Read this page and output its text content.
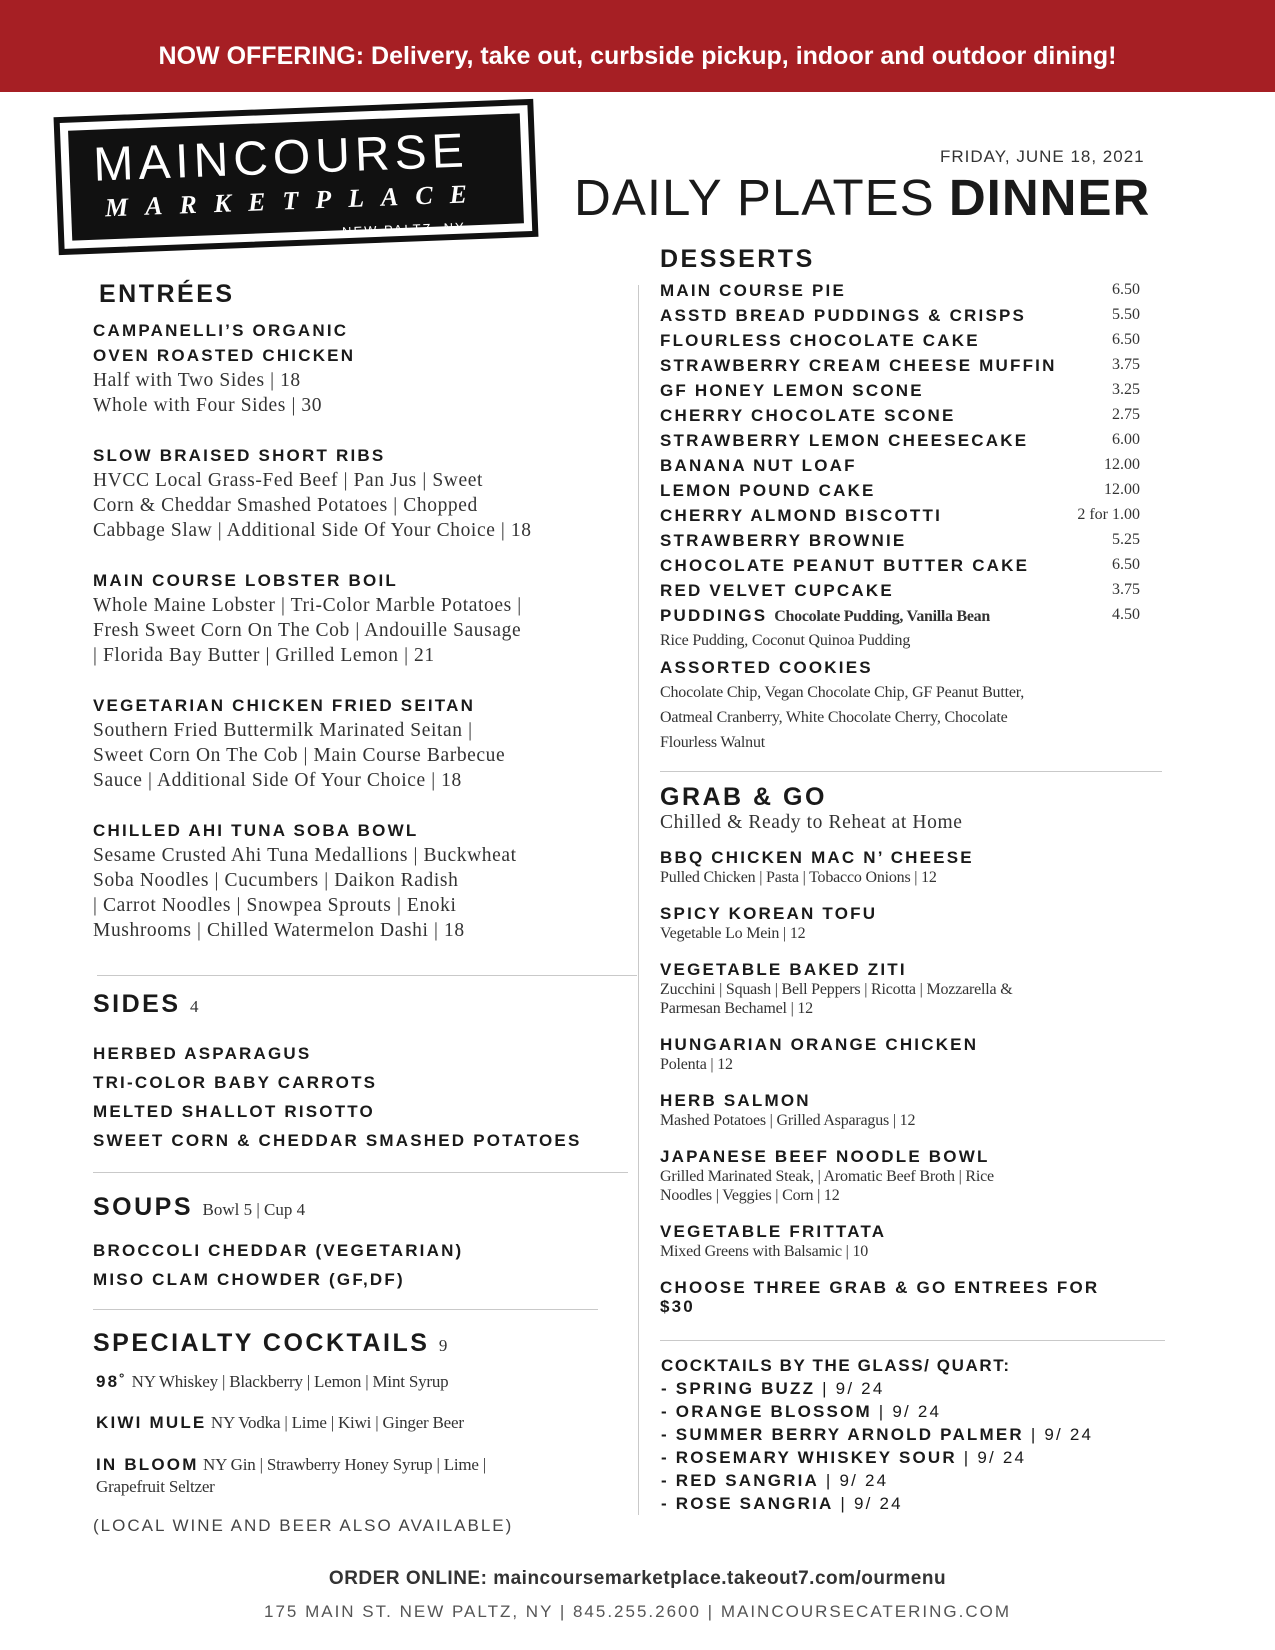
NOW OFFERING: Delivery, take out, curbside pickup, indoor and outdoor dining!
MAINCOURSE
MARKETPLACE
NEW PALTZ, NY
FRIDAY, JUNE 18, 2021
DAILY PLATES DINNER
ENTRÉES
CAMPANELLI’S ORGANIC
OVEN ROASTED CHICKEN
Half with Two Sides | 18
Whole with Four Sides | 30
SLOW BRAISED SHORT RIBS
HVCC Local Grass-Fed Beef | Pan Jus | Sweet
Corn & Cheddar Smashed Potatoes | Chopped
Cabbage Slaw | Additional Side Of Your Choice | 18
MAIN COURSE LOBSTER BOIL
Whole Maine Lobster | Tri-Color Marble Potatoes |
Fresh Sweet Corn On The Cob | Andouille Sausage
| Florida Bay Butter | Grilled Lemon | 21
VEGETARIAN CHICKEN FRIED SEITAN
Southern Fried Buttermilk Marinated Seitan |
Sweet Corn On The Cob | Main Course Barbecue
Sauce | Additional Side Of Your Choice | 18
CHILLED AHI TUNA SOBA BOWL
Sesame Crusted Ahi Tuna Medallions | Buckwheat
Soba Noodles | Cucumbers | Daikon Radish
| Carrot Noodles | Snowpea Sprouts | Enoki
Mushrooms | Chilled Watermelon Dashi | 18
SIDES 4
HERBED ASPARAGUS
TRI-COLOR BABY CARROTS
MELTED SHALLOT RISOTTO
SWEET CORN & CHEDDAR SMASHED POTATOES
SOUPS Bowl 5 | Cup 4
BROCCOLI CHEDDAR (VEGETARIAN)
MISO CLAM CHOWDER (GF,DF)
SPECIALTY COCKTAILS 9
98˚ NY Whiskey | Blackberry | Lemon | Mint Syrup
KIWI MULE NY Vodka | Lime | Kiwi | Ginger Beer
IN BLOOM NY Gin | Strawberry Honey Syrup | Lime |
Grapefruit Seltzer
(LOCAL WINE AND BEER ALSO AVAILABLE)
DESSERTS
MAIN COURSE PIE	6.50
ASSTD BREAD PUDDINGS & CRISPS	5.50
FLOURLESS CHOCOLATE CAKE	6.50
STRAWBERRY CREAM CHEESE MUFFIN	3.75
GF HONEY LEMON SCONE	3.25
CHERRY CHOCOLATE SCONE	2.75
STRAWBERRY LEMON CHEESECAKE	6.00
BANANA NUT LOAF	12.00
LEMON POUND CAKE	12.00
CHERRY ALMOND BISCOTTI	2 for 1.00
STRAWBERRY BROWNIE	5.25
CHOCOLATE PEANUT BUTTER CAKE	6.50
RED VELVET CUPCAKE	3.75
PUDDINGS Chocolate Pudding, Vanilla Bean	4.50
Rice Pudding, Coconut Quinoa Pudding
ASSORTED COOKIES
Chocolate Chip, Vegan Chocolate Chip, GF Peanut Butter,
Oatmeal Cranberry, White Chocolate Cherry, Chocolate
Flourless Walnut
GRAB & GO
Chilled & Ready to Reheat at Home
BBQ CHICKEN MAC N’ CHEESE
Pulled Chicken | Pasta | Tobacco Onions | 12
SPICY KOREAN TOFU
Vegetable Lo Mein | 12
VEGETABLE BAKED ZITI
Zucchini | Squash | Bell Peppers | Ricotta | Mozzarella &
Parmesan Bechamel | 12
HUNGARIAN ORANGE CHICKEN
Polenta | 12
HERB SALMON
Mashed Potatoes | Grilled Asparagus | 12
JAPANESE BEEF NOODLE BOWL
Grilled Marinated Steak, | Aromatic Beef Broth | Rice
Noodles | Veggies | Corn | 12
VEGETABLE FRITTATA
Mixed Greens with Balsamic | 10
CHOOSE THREE GRAB & GO ENTREES FOR
$30
COCKTAILS BY THE GLASS/ QUART:
- SPRING BUZZ | 9/ 24
- ORANGE BLOSSOM | 9/ 24
- SUMMER BERRY ARNOLD PALMER | 9/ 24
- ROSEMARY WHISKEY SOUR | 9/ 24
- RED SANGRIA | 9/ 24
- ROSE SANGRIA | 9/ 24
ORDER ONLINE: maincoursemarketplace.takeout7.com/ourmenu
175 MAIN ST. NEW PALTZ, NY | 845.255.2600 | MAINCOURSECATERING.COM
